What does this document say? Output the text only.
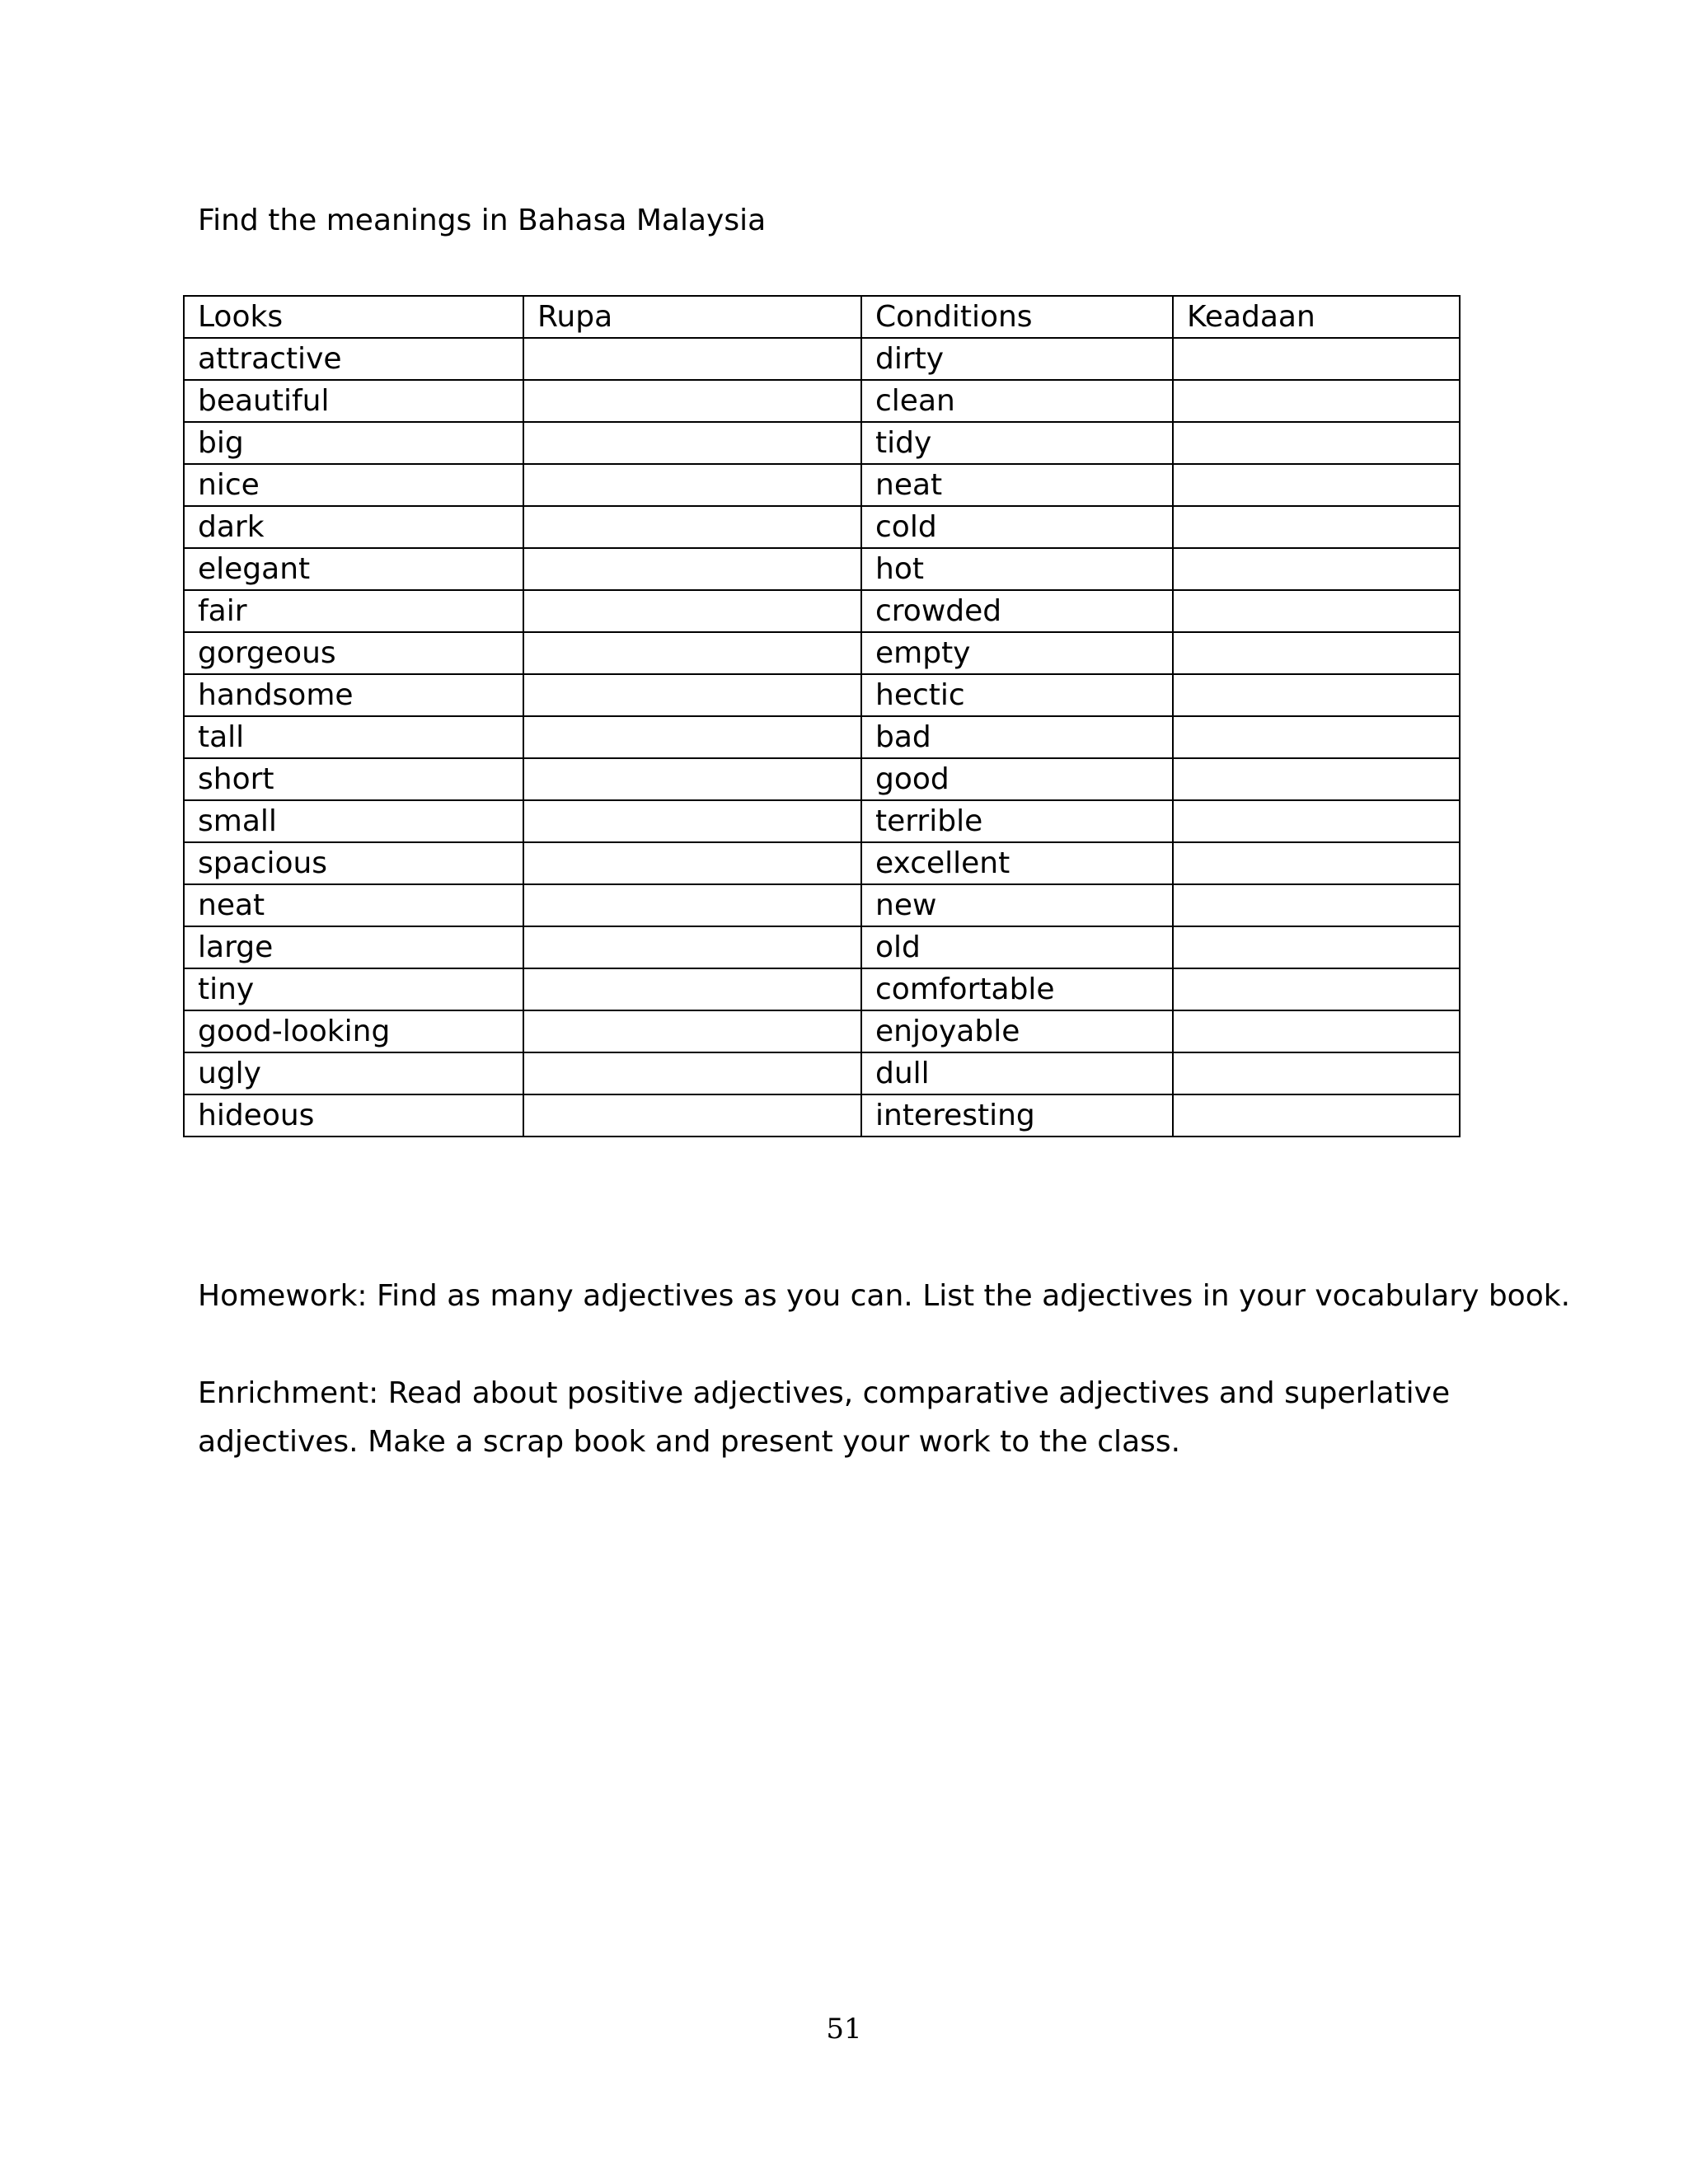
Find the meanings in Bahasa Malaysia
Looks	Rupa	Conditions	Keadaan
attractive		dirty	
beautiful		clean	
big		tidy	
nice		neat	
dark		cold	
elegant		hot	
fair		crowded	
gorgeous		empty	
handsome		hectic	
tall		bad	
short		good	
small		terrible	
spacious		excellent	
neat		new	
large		old	
tiny		comfortable	
good-looking		enjoyable	
ugly		dull	
hideous		interesting	
Homework: Find as many adjectives as you can. List the adjectives in your vocabulary book.
Enrichment: Read about positive adjectives, comparative adjectives and superlative
adjectives. Make a scrap book and present your work to the class.
51
